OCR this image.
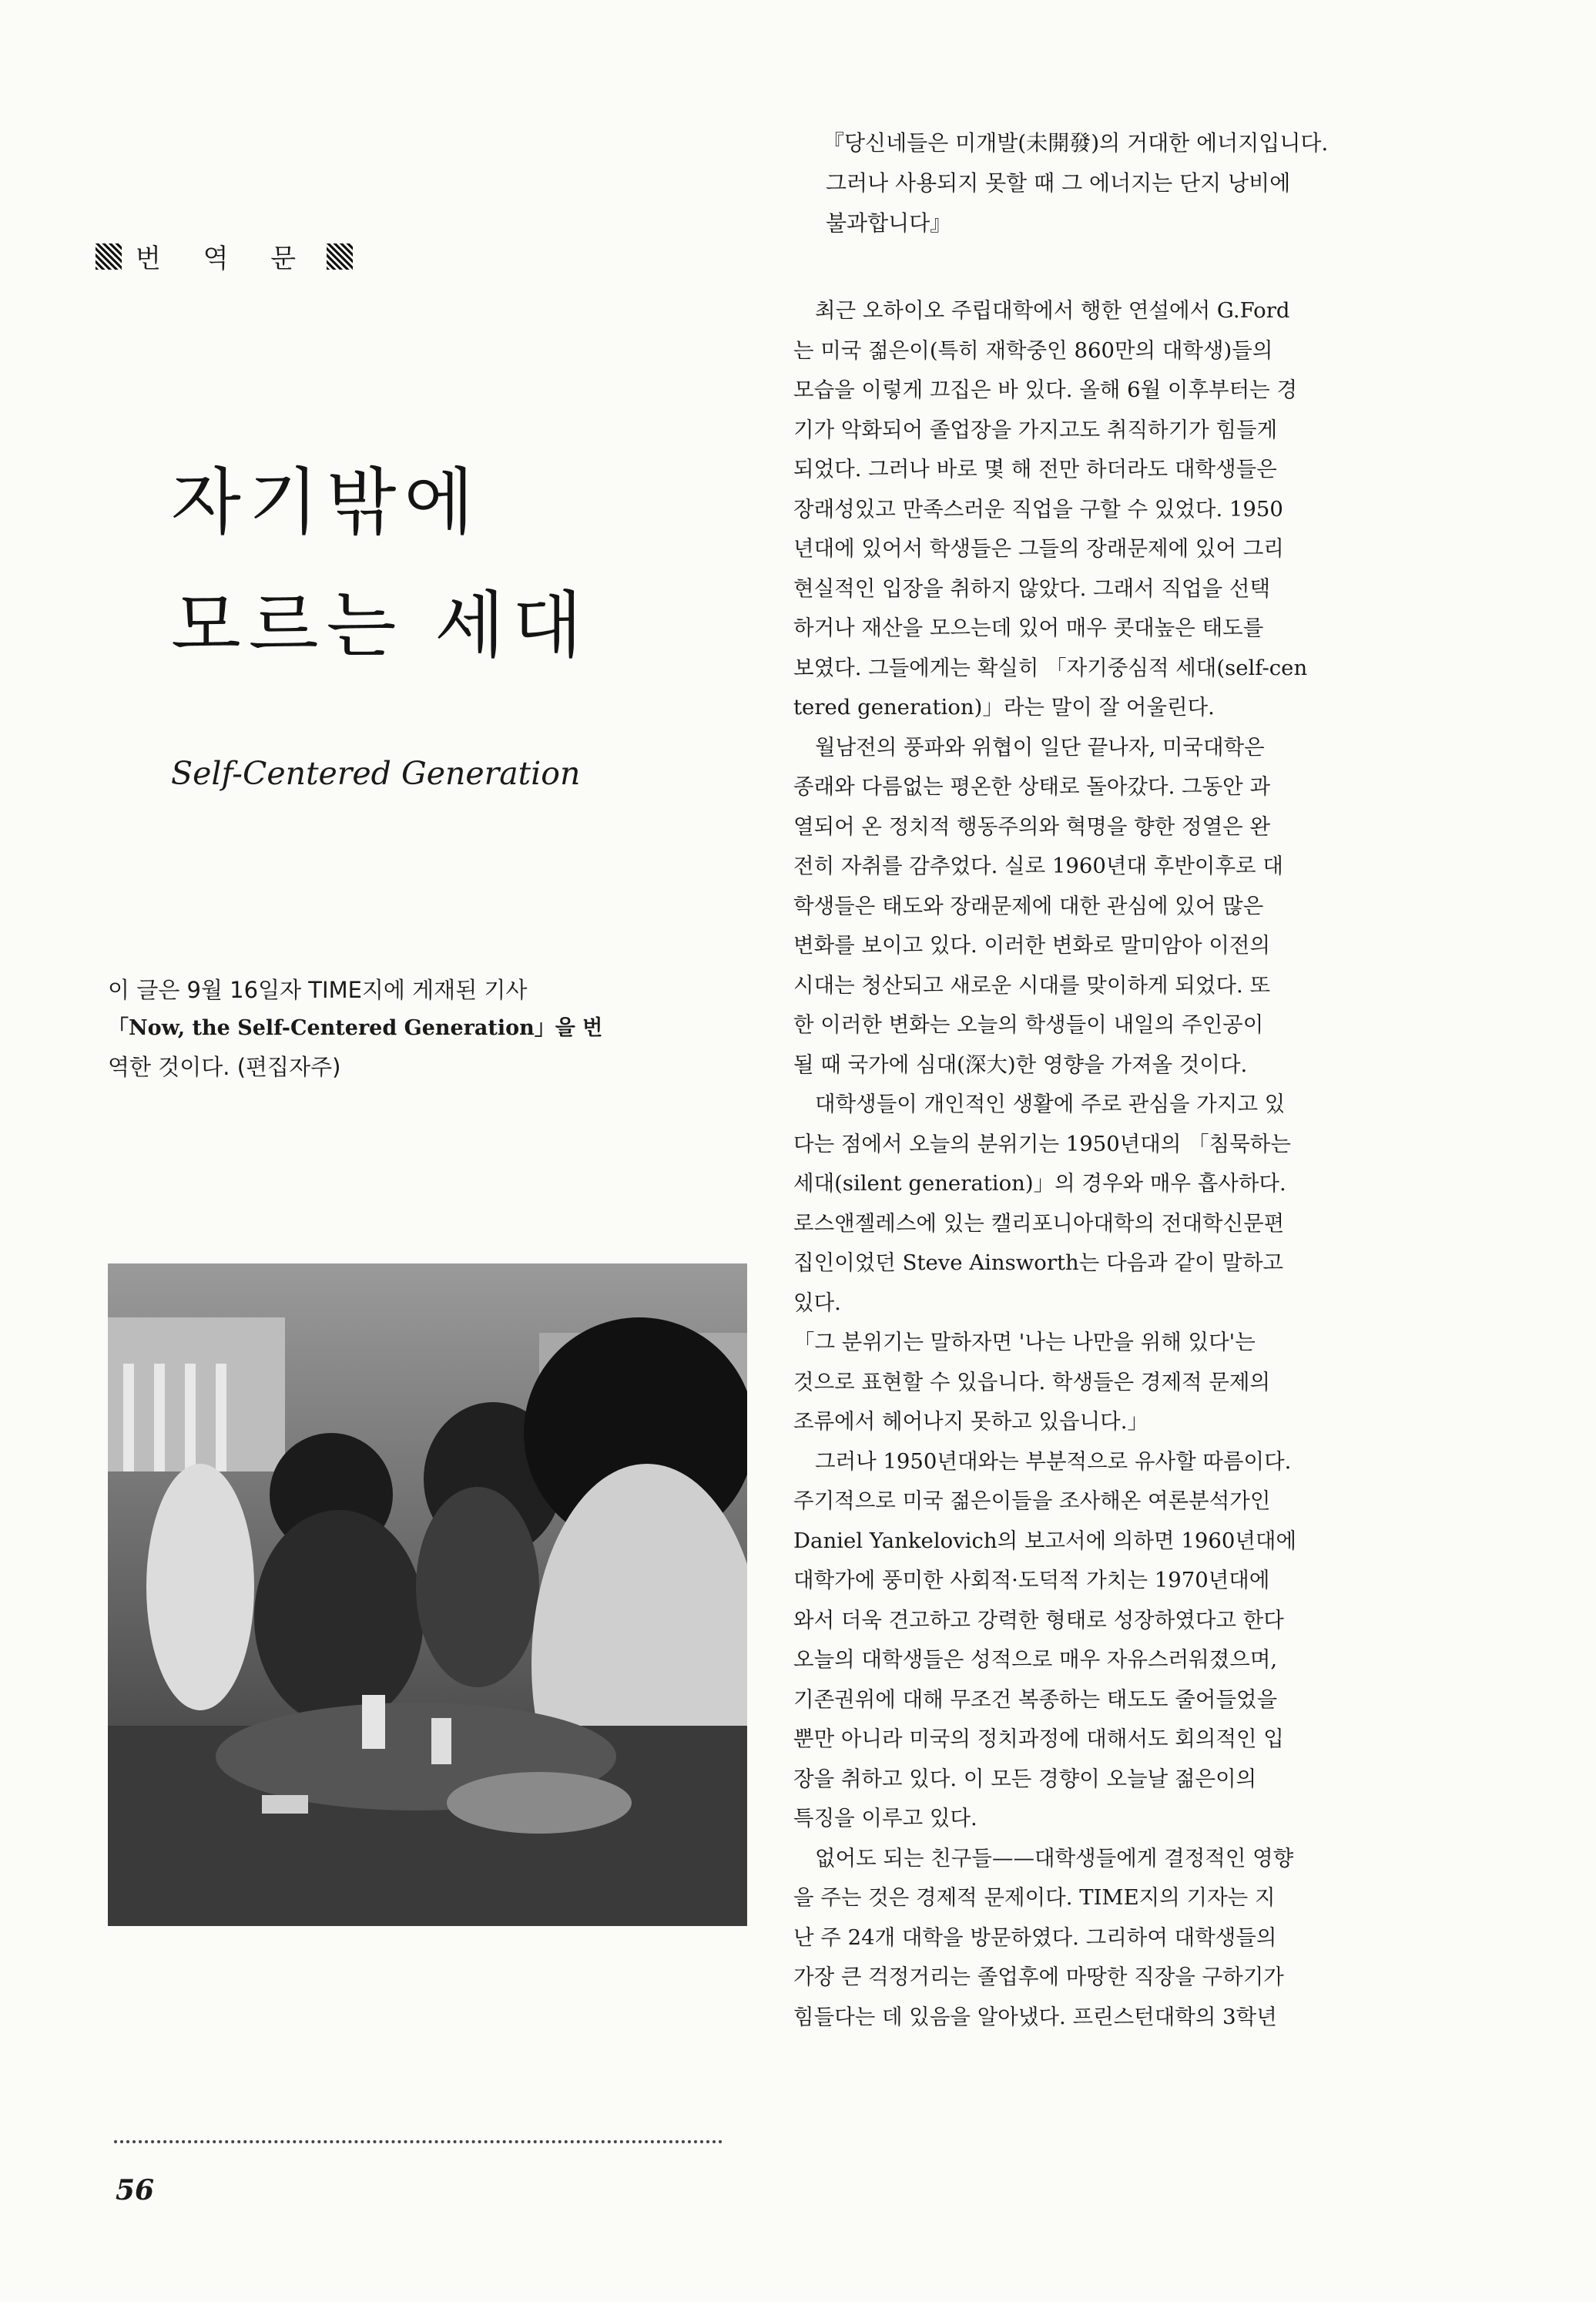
번 역 문
자기밖에
모르는 세대
Self-Centered Generation
이 글은 9월 16일자 TIME지에 게재된 기사
「Now, the Self-Centered Generation」을 번
역한 것이다. (편집자주)
56
『당신네들은 미개발(未開發)의 거대한 에너지입니다.
그러나 사용되지 못할 때 그 에너지는 단지 낭비에
불과합니다』
최근 오하이오 주립대학에서 행한 연설에서 G.Ford
는 미국 젊은이(특히 재학중인 860만의 대학생)들의
모습을 이렇게 끄집은 바 있다. 올해 6월 이후부터는 경
기가 악화되어 졸업장을 가지고도 취직하기가 힘들게
되었다. 그러나 바로 몇 해 전만 하더라도 대학생들은
장래성있고 만족스러운 직업을 구할 수 있었다. 1950
년대에 있어서 학생들은 그들의 장래문제에 있어 그리
현실적인 입장을 취하지 않았다. 그래서 직업을 선택
하거나 재산을 모으는데 있어 매우 콧대높은 태도를
보였다. 그들에게는 확실히 「자기중심적 세대(self-cen
tered generation)」라는 말이 잘 어울린다.
월남전의 풍파와 위협이 일단 끝나자, 미국대학은
종래와 다름없는 평온한 상태로 돌아갔다. 그동안 과
열되어 온 정치적 행동주의와 혁명을 향한 정열은 완
전히 자취를 감추었다. 실로 1960년대 후반이후로 대
학생들은 태도와 장래문제에 대한 관심에 있어 많은
변화를 보이고 있다. 이러한 변화로 말미암아 이전의
시대는 청산되고 새로운 시대를 맞이하게 되었다. 또
한 이러한 변화는 오늘의 학생들이 내일의 주인공이
될 때 국가에 심대(深大)한 영향을 가져올 것이다.
대학생들이 개인적인 생활에 주로 관심을 가지고 있
다는 점에서 오늘의 분위기는 1950년대의 「침묵하는
세대(silent generation)」의 경우와 매우 흡사하다.
로스앤젤레스에 있는 캘리포니아대학의 전대학신문편
집인이었던 Steve Ainsworth는 다음과 같이 말하고
있다.
「그 분위기는 말하자면 '나는 나만을 위해 있다'는
것으로 표현할 수 있읍니다. 학생들은 경제적 문제의
조류에서 헤어나지 못하고 있읍니다.」
그러나 1950년대와는 부분적으로 유사할 따름이다.
주기적으로 미국 젊은이들을 조사해온 여론분석가인
Daniel Yankelovich의 보고서에 의하면 1960년대에
대학가에 풍미한 사회적·도덕적 가치는 1970년대에
와서 더욱 견고하고 강력한 형태로 성장하였다고 한다
오늘의 대학생들은 성적으로 매우 자유스러워졌으며,
기존권위에 대해 무조건 복종하는 태도도 줄어들었을
뿐만 아니라 미국의 정치과정에 대해서도 회의적인 입
장을 취하고 있다. 이 모든 경향이 오늘날 젊은이의
특징을 이루고 있다.
없어도 되는 친구들——대학생들에게 결정적인 영향
을 주는 것은 경제적 문제이다. TIME지의 기자는 지
난 주 24개 대학을 방문하였다. 그리하여 대학생들의
가장 큰 걱정거리는 졸업후에 마땅한 직장을 구하기가
힘들다는 데 있음을 알아냈다. 프린스턴대학의 3학년
